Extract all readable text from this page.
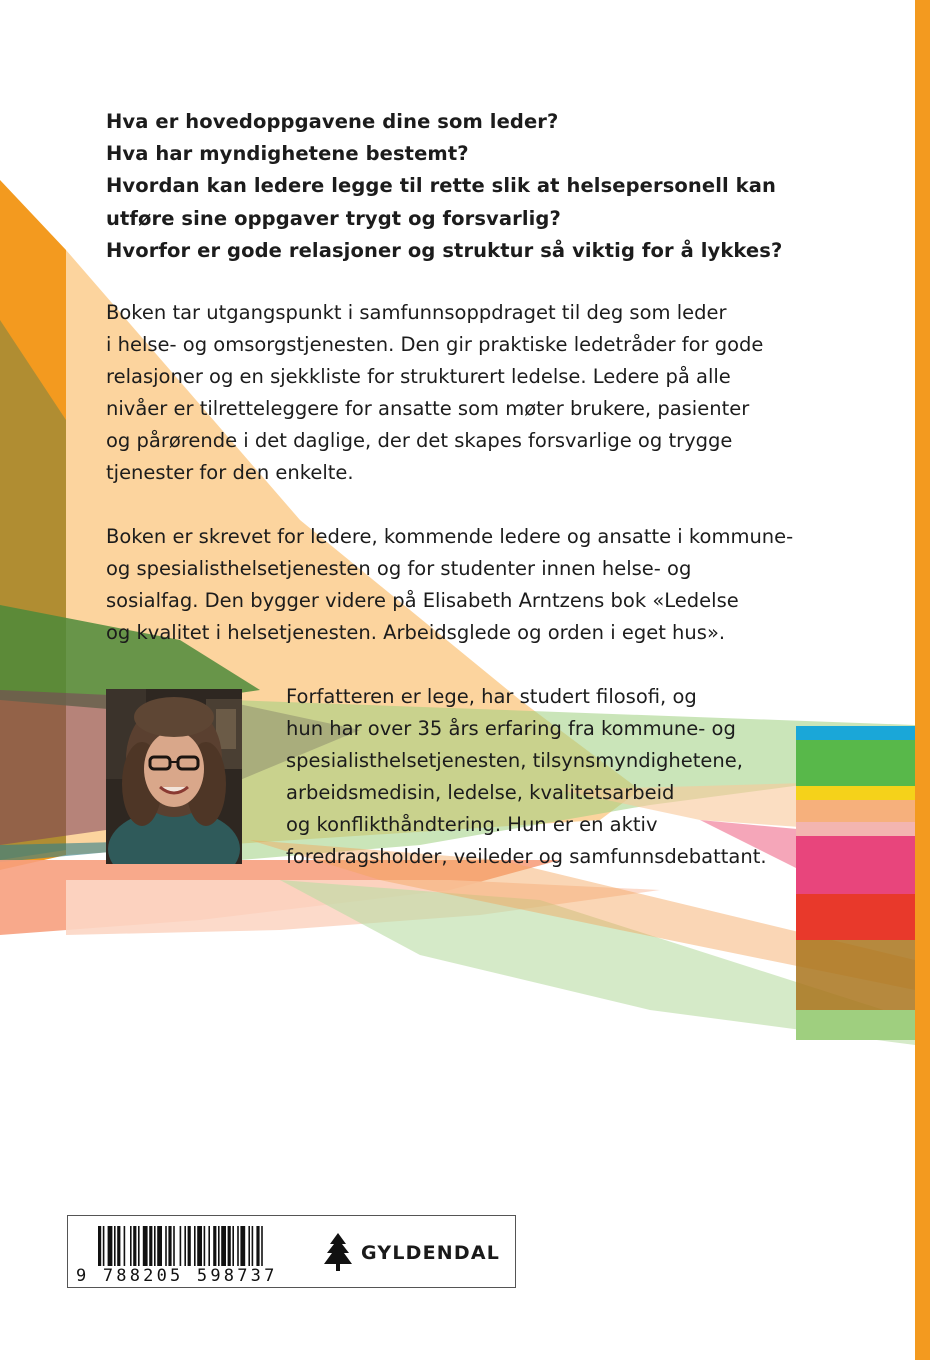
Hva er hovedoppgavene dine som leder?
Hva har myndighetene bestemt?
Hvordan kan ledere legge til rette slik at helsepersonell kan
utføre sine oppgaver trygt og forsvarlig?
Hvorfor er gode relasjoner og struktur så viktig for å lykkes?
Boken tar utgangspunkt i samfunnsoppdraget til deg som leder
i helse- og omsorgstjenesten. Den gir praktiske ledetråder for gode
relasjoner og en sjekkliste for strukturert ledelse. Ledere på alle
nivåer er tilretteleggere for ansatte som møter brukere, pasienter
og pårørende i det daglige, der det skapes forsvarlige og trygge
tjenester for den enkelte.
Boken er skrevet for ledere, kommende ledere og ansatte i kommune-
og spesialisthelsetjenesten og for studenter innen helse- og
sosialfag. Den bygger videre på Elisabeth Arntzens bok «Ledelse
og kvalitet i helsetjenesten. Arbeidsglede og orden i eget hus».
Forfatteren er lege, har studert filosofi, og
hun har over 35 års erfaring fra kommune- og
spesialisthelsetjenesten, tilsynsmyndighetene,
arbeidsmedisin, ledelse, kvalitetsarbeid
og konflikthåndtering. Hun er en aktiv
foredragsholder, veileder og samfunnsdebattant.
9 788205 598737
GYLDENDAL
